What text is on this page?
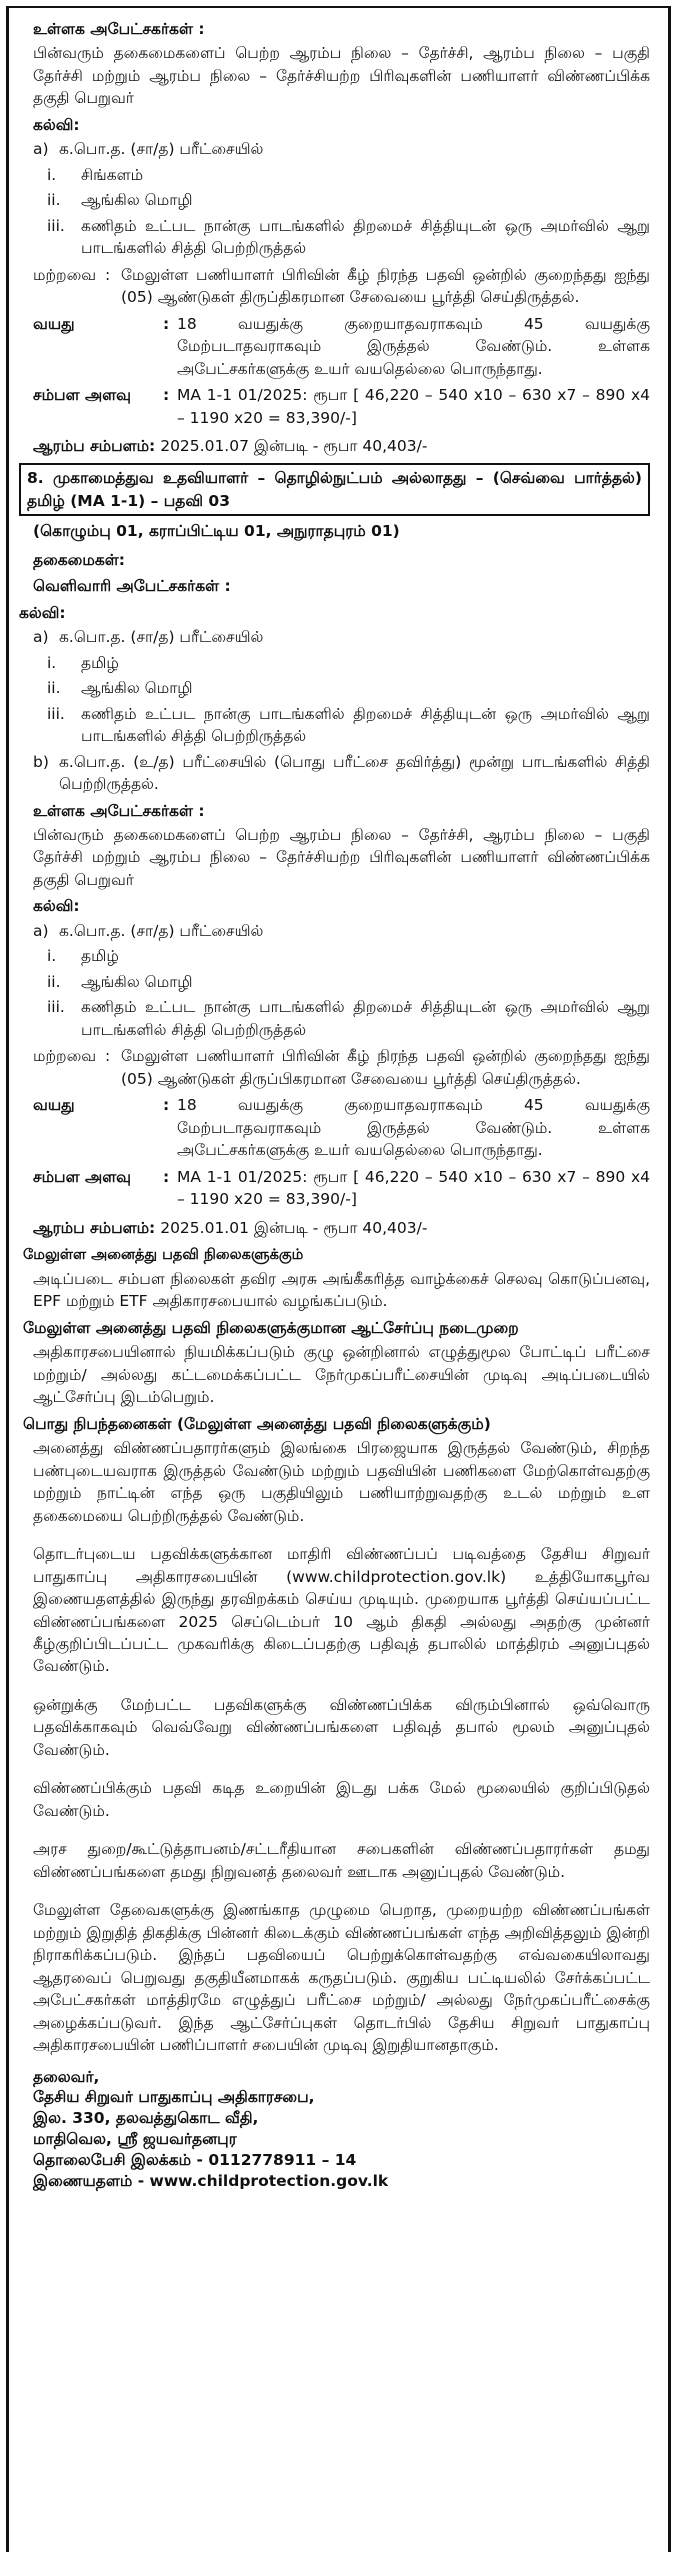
உள்ளக அபேட்சகர்கள் :

பின்வரும் தகைமைகளைப் பெற்ற ஆரம்ப நிலை – தேர்ச்சி, ஆரம்ப நிலை – பகுதி தேர்ச்சி மற்றும் ஆரம்ப நிலை – தேர்ச்சியற்ற பிரிவுகளின் பணியாளர் விண்ணப்பிக்க தகுதி பெறுவர்

கல்வி:

a) க.பொ.த. (சா/த) பரீட்சையில்
i.	சிங்களம்
ii.	ஆங்கில மொழி
iii.	கணிதம் உட்பட நான்கு பாடங்களில் திறமைச் சித்தியுடன் ஒரு அமர்வில் ஆறு பாடங்களில் சித்தி பெற்றிருத்தல்
மற்றவை : மேலுள்ள பணியாளர் பிரிவின் கீழ் நிரந்த பதவி ஒன்றில் குறைந்தது ஐந்து (05) ஆண்டுகள் திருப்திகரமான சேவையை பூர்த்தி செய்திருத்தல்.
வயது	: 18 வயதுக்கு குறையாதவராகவும் 45 வயதுக்கு மேற்படாதவராகவும் இருத்தல் வேண்டும். உள்ளக அபேட்சகர்களுக்கு உயர் வயதெல்லை பொருந்தாது.
சம்பள அளவு	: MA 1-1 01/2025: ரூபா [ 46,220 – 540 x10 – 630 x7 – 890 x4 – 1190 x20 = 83,390/-]

ஆரம்ப சம்பளம்: 2025.01.07 இன்படி - ரூபா 40,403/-

8. முகாமைத்துவ உதவியாளர் – தொழில்நுட்பம் அல்லாதது – (செவ்வை பார்த்தல்) தமிழ் (MA 1-1) – பதவி 03

(கொழும்பு 01, கராப்பிட்டிய 01, அநுராதபுரம் 01)

தகைமைகள்:

வெளிவாரி அபேட்சகர்கள் :

கல்வி:

a) க.பொ.த. (சா/த) பரீட்சையில்
i.	தமிழ்
ii.	ஆங்கில மொழி
iii.	கணிதம் உட்பட நான்கு பாடங்களில் திறமைச் சித்தியுடன் ஒரு அமர்வில் ஆறு பாடங்களில் சித்தி பெற்றிருத்தல்
b) க.பொ.த. (உ/த) பரீட்சையில் (பொது பரீட்சை தவிர்த்து) மூன்று பாடங்களில் சித்தி பெற்றிருத்தல்.

உள்ளக அபேட்சகர்கள் :

பின்வரும் தகைமைகளைப் பெற்ற ஆரம்ப நிலை – தேர்ச்சி, ஆரம்ப நிலை – பகுதி தேர்ச்சி மற்றும் ஆரம்ப நிலை – தேர்ச்சியற்ற பிரிவுகளின் பணியாளர் விண்ணப்பிக்க தகுதி பெறுவர்

கல்வி:

a) க.பொ.த. (சா/த) பரீட்சையில்
i.	தமிழ்
ii.	ஆங்கில மொழி
iii.	கணிதம் உட்பட நான்கு பாடங்களில் திறமைச் சித்தியுடன் ஒரு அமர்வில் ஆறு பாடங்களில் சித்தி பெற்றிருத்தல்
மற்றவை : மேலுள்ள பணியாளர் பிரிவின் கீழ் நிரந்த பதவி ஒன்றில் குறைந்தது ஐந்து (05) ஆண்டுகள் திருப்பிகரமான சேவையை பூர்த்தி செய்திருத்தல்.
வயது	: 18 வயதுக்கு குறையாதவராகவும் 45 வயதுக்கு மேற்படாதவராகவும் இருத்தல் வேண்டும். உள்ளக அபேட்சகர்களுக்கு உயர் வயதெல்லை பொருந்தாது.
சம்பள அளவு	: MA 1-1 01/2025: ரூபா [ 46,220 – 540 x10 – 630 x7 – 890 x4 – 1190 x20 = 83,390/-]

ஆரம்ப சம்பளம்: 2025.01.01 இன்படி - ரூபா 40,403/-

மேலுள்ள அனைத்து பதவி நிலைகளுக்கும்

அடிப்படை சம்பள நிலைகள் தவிர அரசு அங்கீகரித்த வாழ்க்கைச் செலவு கொடுப்பனவு, EPF மற்றும் ETF அதிகாரசபையால் வழங்கப்படும்.

மேலுள்ள அனைத்து பதவி நிலைகளுக்குமான ஆட்சேர்ப்பு நடைமுறை

அதிகாரசபையினால் நியமிக்கப்படும் குழு ஒன்றினால் எழுத்துமூல போட்டிப் பரீட்சை மற்றும்/ அல்லது கட்டமைக்கப்பட்ட நேர்முகப்பரீட்சையின் முடிவு அடிப்படையில் ஆட்சேர்ப்பு இடம்பெறும்.

பொது நிபந்தனைகள் (மேலுள்ள அனைத்து பதவி நிலைகளுக்கும்)

அனைத்து விண்ணப்பதாரர்களும் இலங்கை பிரஜையாக இருத்தல் வேண்டும், சிறந்த பண்புடையவராக இருத்தல் வேண்டும் மற்றும் பதவியின் பணிகளை மேற்கொள்வதற்கு மற்றும் நாட்டின் எந்த ஒரு பகுதியிலும் பணியாற்றுவதற்கு உடல் மற்றும் உள தகைமையை பெற்றிருத்தல் வேண்டும்.

தொடர்புடைய பதவிக்களுக்கான மாதிரி விண்ணப்பப் படிவத்தை தேசிய சிறுவர் பாதுகாப்பு அதிகாரசபையின் (www.childprotection.gov.lk) உத்தியோகபூர்வ இணையதளத்தில் இருந்து தரவிறக்கம் செய்ய முடியும். முறையாக பூர்த்தி செய்யப்பட்ட விண்ணப்பங்களை 2025 செப்டெம்பர் 10 ஆம் திகதி அல்லது அதற்கு முன்னர் கீழ்குறிப்பிடப்பட்ட முகவரிக்கு கிடைப்பதற்கு பதிவுத் தபாலில் மாத்திரம் அனுப்புதல் வேண்டும்.

ஒன்றுக்கு மேற்பட்ட பதவிகளுக்கு விண்ணப்பிக்க விரும்பினால் ஒவ்வொரு பதவிக்காகவும் வெவ்வேறு விண்ணப்பங்களை பதிவுத் தபால் மூலம் அனுப்புதல் வேண்டும்.

விண்ணப்பிக்கும் பதவி கடித உறையின் இடது பக்க மேல் மூலையில் குறிப்பிடுதல் வேண்டும்.

அரச துறை/கூட்டுத்தாபனம்/சட்டரீதியான சபைகளின் விண்ணப்பதாரர்கள் தமது விண்ணப்பங்களை தமது நிறுவனத் தலைவர் ஊடாக அனுப்புதல் வேண்டும்.

மேலுள்ள தேவைகளுக்கு இணங்காத முழுமை பெறாத, முறையற்ற விண்ணப்பங்கள் மற்றும் இறுதித் திகதிக்கு பின்னர் கிடைக்கும் விண்ணப்பங்கள் எந்த அறிவித்தலும் இன்றி நிராகரிக்கப்படும். இந்தப் பதவியைப் பெற்றுக்கொள்வதற்கு எவ்வகையிலாவது ஆதரவைப் பெறுவது தகுதியீனமாகக் கருதப்படும். குறுகிய பட்டியலில் சேர்க்கப்பட்ட அபேட்சகர்கள் மாத்திரமே எழுத்துப் பரீட்சை மற்றும்/ அல்லது நேர்முகப்பரீட்சைக்கு அழைக்கப்படுவர். இந்த ஆட்சேர்ப்புகள் தொடர்பில் தேசிய சிறுவர் பாதுகாப்பு அதிகாரசபையின் பணிப்பாளர் சபையின் முடிவு இறுதியானதாகும்.

தலைவர்,

தேசிய சிறுவர் பாதுகாப்பு அதிகாரசபை,

இல. 330, தலவத்துகொட வீதி,

மாதிவெல, ஸ்ரீ ஜயவர்தனபுர

தொலைபேசி இலக்கம் - 0112778911 – 14

இணையதளம் - www.childprotection.gov.lk
